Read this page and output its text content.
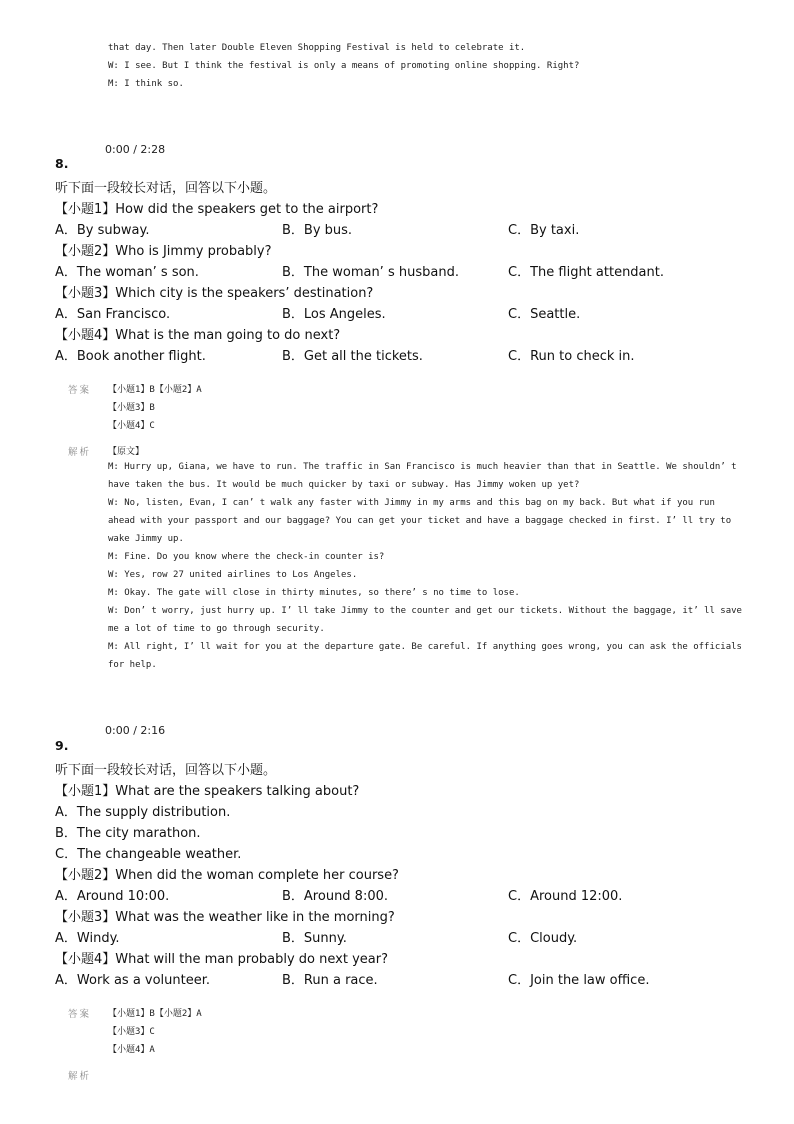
that day. Then later Double Eleven Shopping Festival is held to celebrate it.
W: I see. But I think the festival is only a means of promoting online shopping. Right?
M: I think so.
0:00 / 2:28
8.
听下面一段较长对话，回答以下小题。
【小题1】How did the speakers get to the airport?
A．By subway.	B．By bus.	C．By taxi.
【小题2】Who is Jimmy probably?
A．The woman’ s son.	B．The woman’ s husband.	C．The flight attendant.
【小题3】Which city is the speakers’ destination?
A．San Francisco.	B．Los Angeles.	C．Seattle.
【小题4】What is the man going to do next?
A．Book another flight.	B．Get all the tickets.	C．Run to check in.
答案 【小题1】B【小题2】A
【小题3】B
【小题4】C
解析 【原文】
M: Hurry up, Giana, we have to run. The traffic in San Francisco is much heavier than that in Seattle. We shouldn’ t
have taken the bus. It would be much quicker by taxi or subway. Has Jimmy woken up yet?
W: No, listen, Evan, I can’ t walk any faster with Jimmy in my arms and this bag on my back. But what if you run
ahead with your passport and our baggage? You can get your ticket and have a baggage checked in first. I’ ll try to
wake Jimmy up.
M: Fine. Do you know where the check-in counter is?
W: Yes, row 27 united airlines to Los Angeles.
M: Okay. The gate will close in thirty minutes, so there’ s no time to lose.
W: Don’ t worry, just hurry up. I’ ll take Jimmy to the counter and get our tickets. Without the baggage, it’ ll save
me a lot of time to go through security.
M: All right, I’ ll wait for you at the departure gate. Be careful. If anything goes wrong, you can ask the officials
for help.
0:00 / 2:16
9.
听下面一段较长对话，回答以下小题。
【小题1】What are the speakers talking about?
A．The supply distribution.
B．The city marathon.
C．The changeable weather.
【小题2】When did the woman complete her course?
A．Around 10:00.	B．Around 8:00.	C．Around 12:00.
【小题3】What was the weather like in the morning?
A．Windy.	B．Sunny.	C．Cloudy.
【小题4】What will the man probably do next year?
A．Work as a volunteer.	B．Run a race.	C．Join the law office.
答案 【小题1】B【小题2】A
【小题3】C
【小题4】A
解析
